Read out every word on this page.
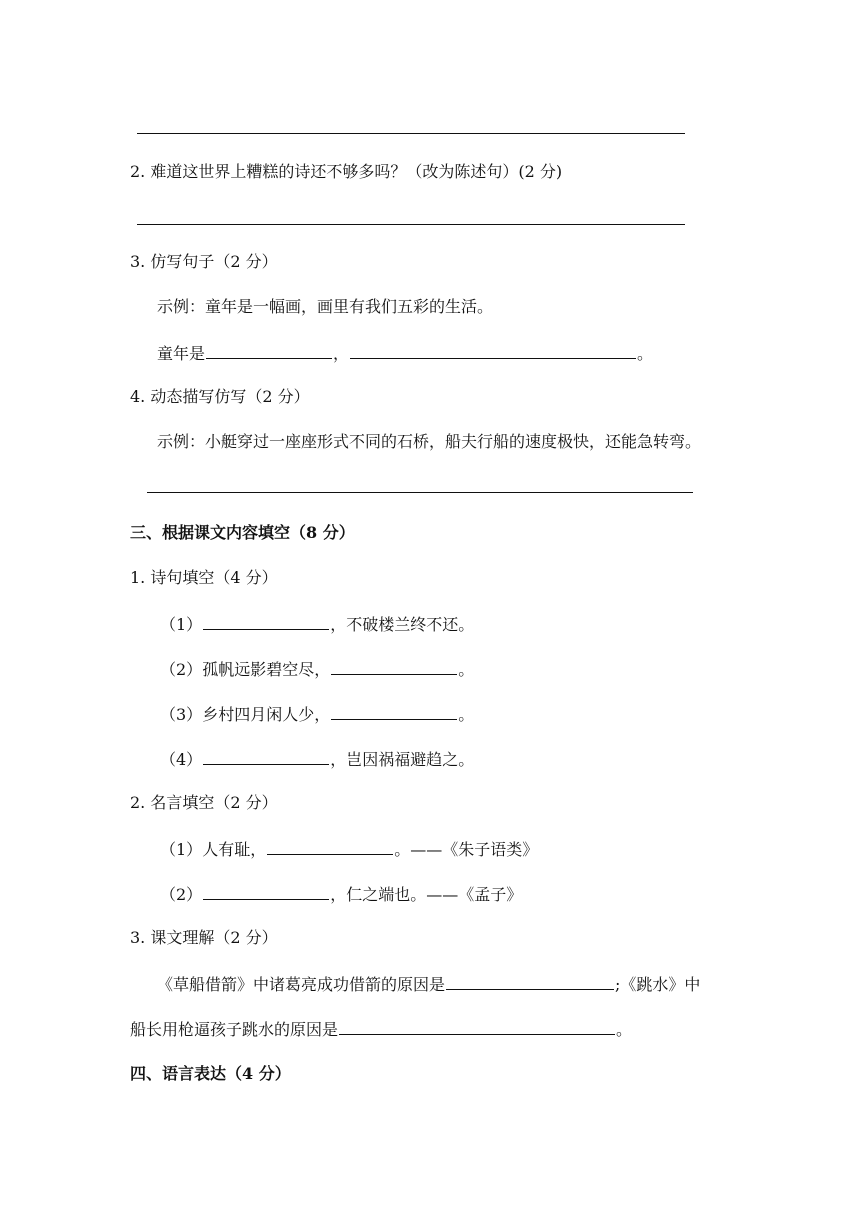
2. 难道这世界上糟糕的诗还不够多吗？（改为陈述句）(2 分)
3. 仿写句子（2 分）
示例：童年是一幅画，画里有我们五彩的生活。
童年是	，	。
4. 动态描写仿写（2 分）
示例：小艇穿过一座座形式不同的石桥，船夫行船的速度极快，还能急转弯。
三、根据课文内容填空（8 分）
1. 诗句填空（4 分）
（1）	，不破楼兰终不还。
（2）孤帆远影碧空尽，	。
（3）乡村四月闲人少，	。
（4）	，岂因祸福避趋之。
2. 名言填空（2 分）
（1）人有耻，	。——《朱子语类》
（2）	，仁之端也。——《孟子》
3. 课文理解（2 分）
《草船借箭》中诸葛亮成功借箭的原因是	;《跳水》中
船长用枪逼孩子跳水的原因是	。
四、语言表达（4 分）
